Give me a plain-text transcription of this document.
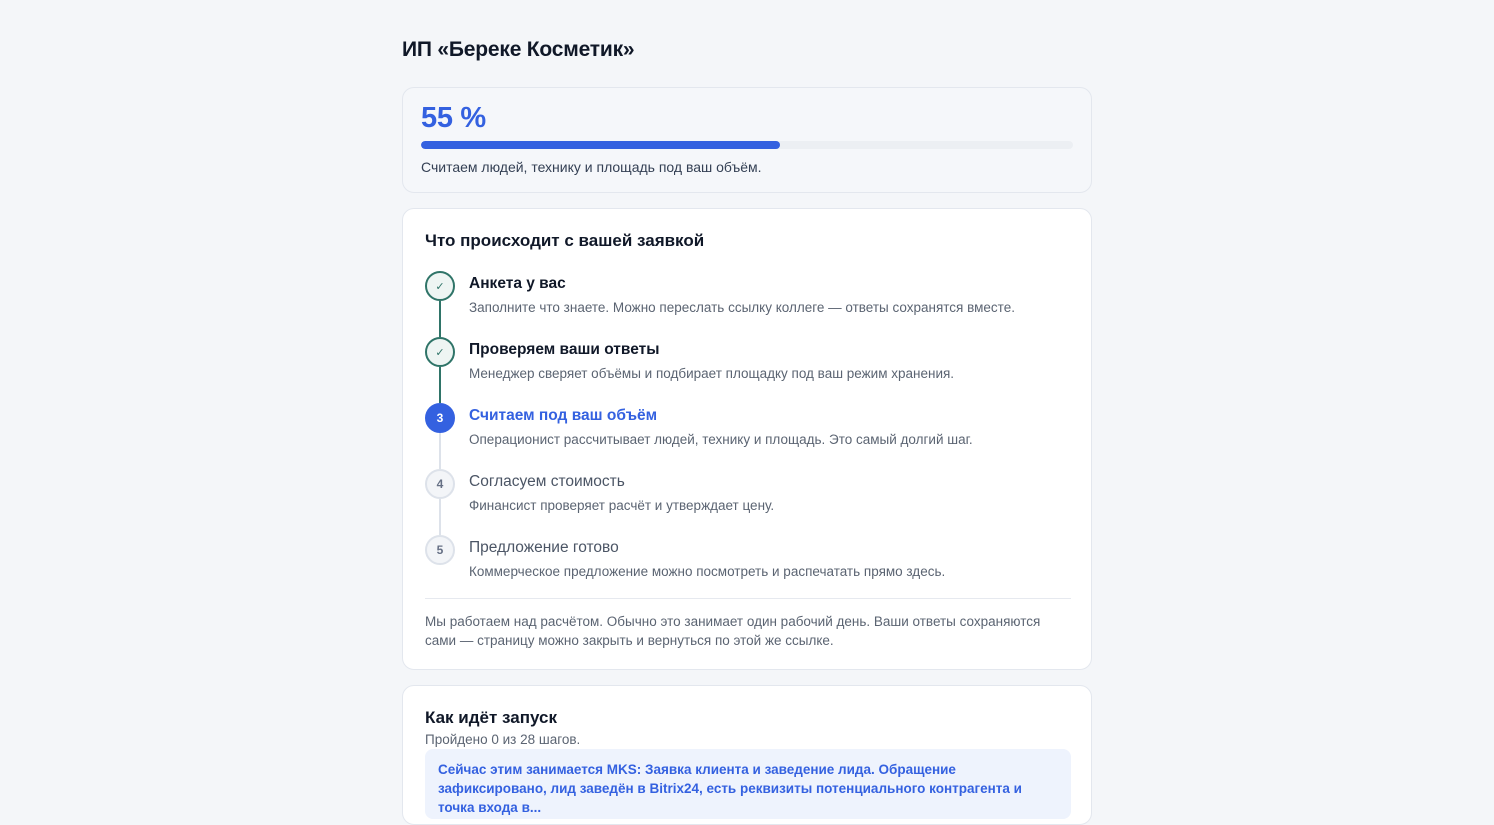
ИП «Береке Косметик»
55 %
Считаем людей, технику и площадь под ваш объём.
Что происходит с вашей заявкой
✓	Анкета у вас
Заполните что знаете. Можно переслать ссылку коллеге — ответы сохранятся вместе.
✓	Проверяем ваши ответы
Менеджер сверяет объёмы и подбирает площадку под ваш режим хранения.
3	Считаем под ваш объём
Операционист рассчитывает людей, технику и площадь. Это самый долгий шаг.
4	Согласуем стоимость
Финансист проверяет расчёт и утверждает цену.
5	Предложение готово
Коммерческое предложение можно посмотреть и распечатать прямо здесь.

Мы работаем над расчётом. Обычно это занимает один рабочий день. Ваши ответы сохраняются сами — страницу можно закрыть и вернуться по этой же ссылке.

Как идёт запуск
Пройдено 0 из 28 шагов.
Сейчас этим занимается MKS: Заявка клиента и заведение лида. Обращение зафиксировано, лид заведён в Bitrix24, есть реквизиты потенциального контрагента и точка входа в...
